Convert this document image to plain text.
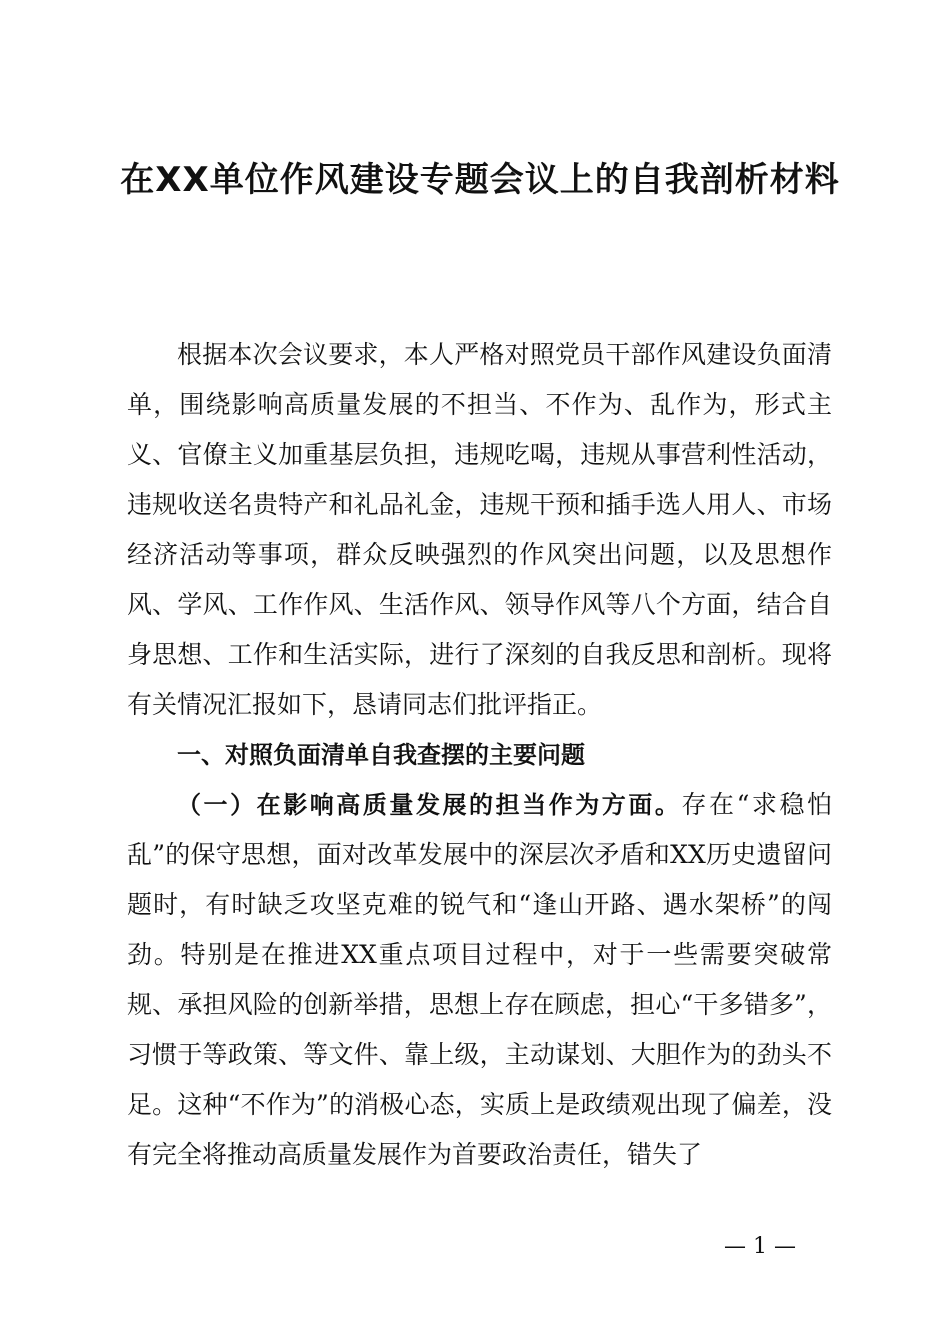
在XX单位作风建设专题会议上的自我剖析材料

根据本次会议要求，本人严格对照党员干部作风建设负面清单，围绕影响高质量发展的不担当、不作为、乱作为，形式主义、官僚主义加重基层负担，违规吃喝，违规从事营利性活动，违规收送名贵特产和礼品礼金，违规干预和插手选人用人、市场经济活动等事项，群众反映强烈的作风突出问题，以及思想作风、学风、工作作风、生活作风、领导作风等八个方面，结合自身思想、工作和生活实际，进行了深刻的自我反思和剖析。现将有关情况汇报如下，恳请同志们批评指正。

一、对照负面清单自我查摆的主要问题

（一）在影响高质量发展的担当作为方面。存在“求稳怕乱”的保守思想，面对改革发展中的深层次矛盾和XX历史遗留问题时，有时缺乏攻坚克难的锐气和“逢山开路、遇水架桥”的闯劲。特别是在推进XX重点项目过程中，对于一些需要突破常规、承担风险的创新举措，思想上存在顾虑，担心“干多错多”，习惯于等政策、等文件、靠上级，主动谋划、大胆作为的劲头不足。这种“不作为”的消极心态，实质上是政绩观出现了偏差，没有完全将推动高质量发展作为首要政治责任，错失了

— 1 —
